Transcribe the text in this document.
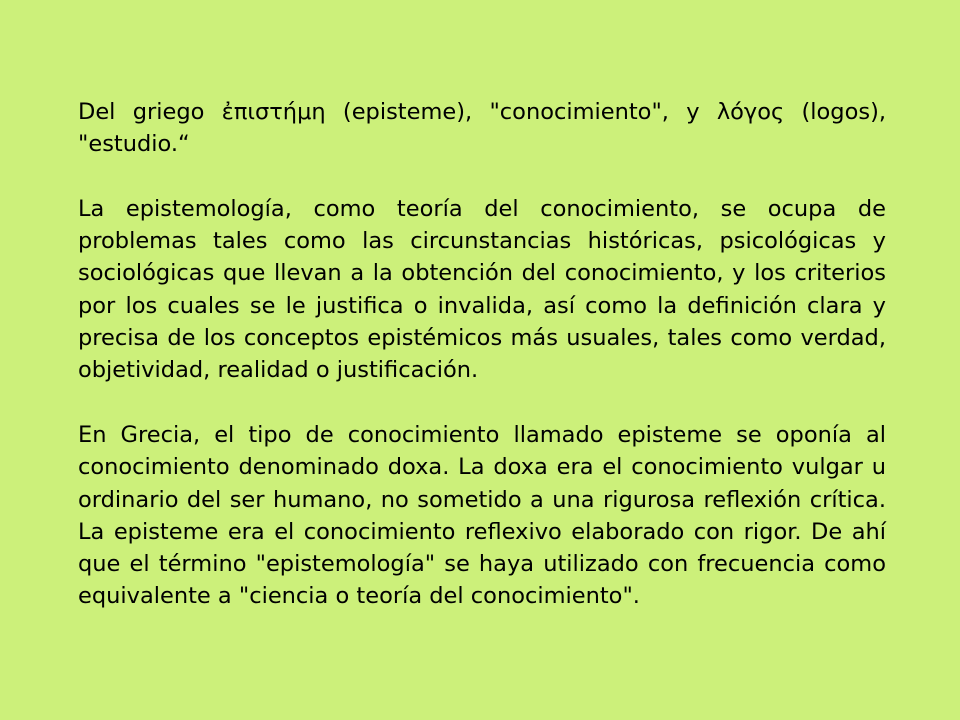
Del griego ἐπιστήμη (episteme), "conocimiento", y λόγος (logos), "estudio.“

La epistemología, como teoría del conocimiento, se ocupa de problemas tales como las circunstancias históricas, psicológicas y sociológicas que llevan a la obtención del conocimiento, y los criterios por los cuales se le justifica o invalida, así como la definición clara y precisa de los conceptos epistémicos más usuales, tales como verdad, objetividad, realidad o justificación.

En Grecia, el tipo de conocimiento llamado episteme se oponía al conocimiento denominado doxa. La doxa era el conocimiento vulgar u ordinario del ser humano, no sometido a una rigurosa reflexión crítica. La episteme era el conocimiento reflexivo elaborado con rigor. De ahí que el término "epistemología" se haya utilizado con frecuencia como equivalente a "ciencia o teoría del conocimiento".
